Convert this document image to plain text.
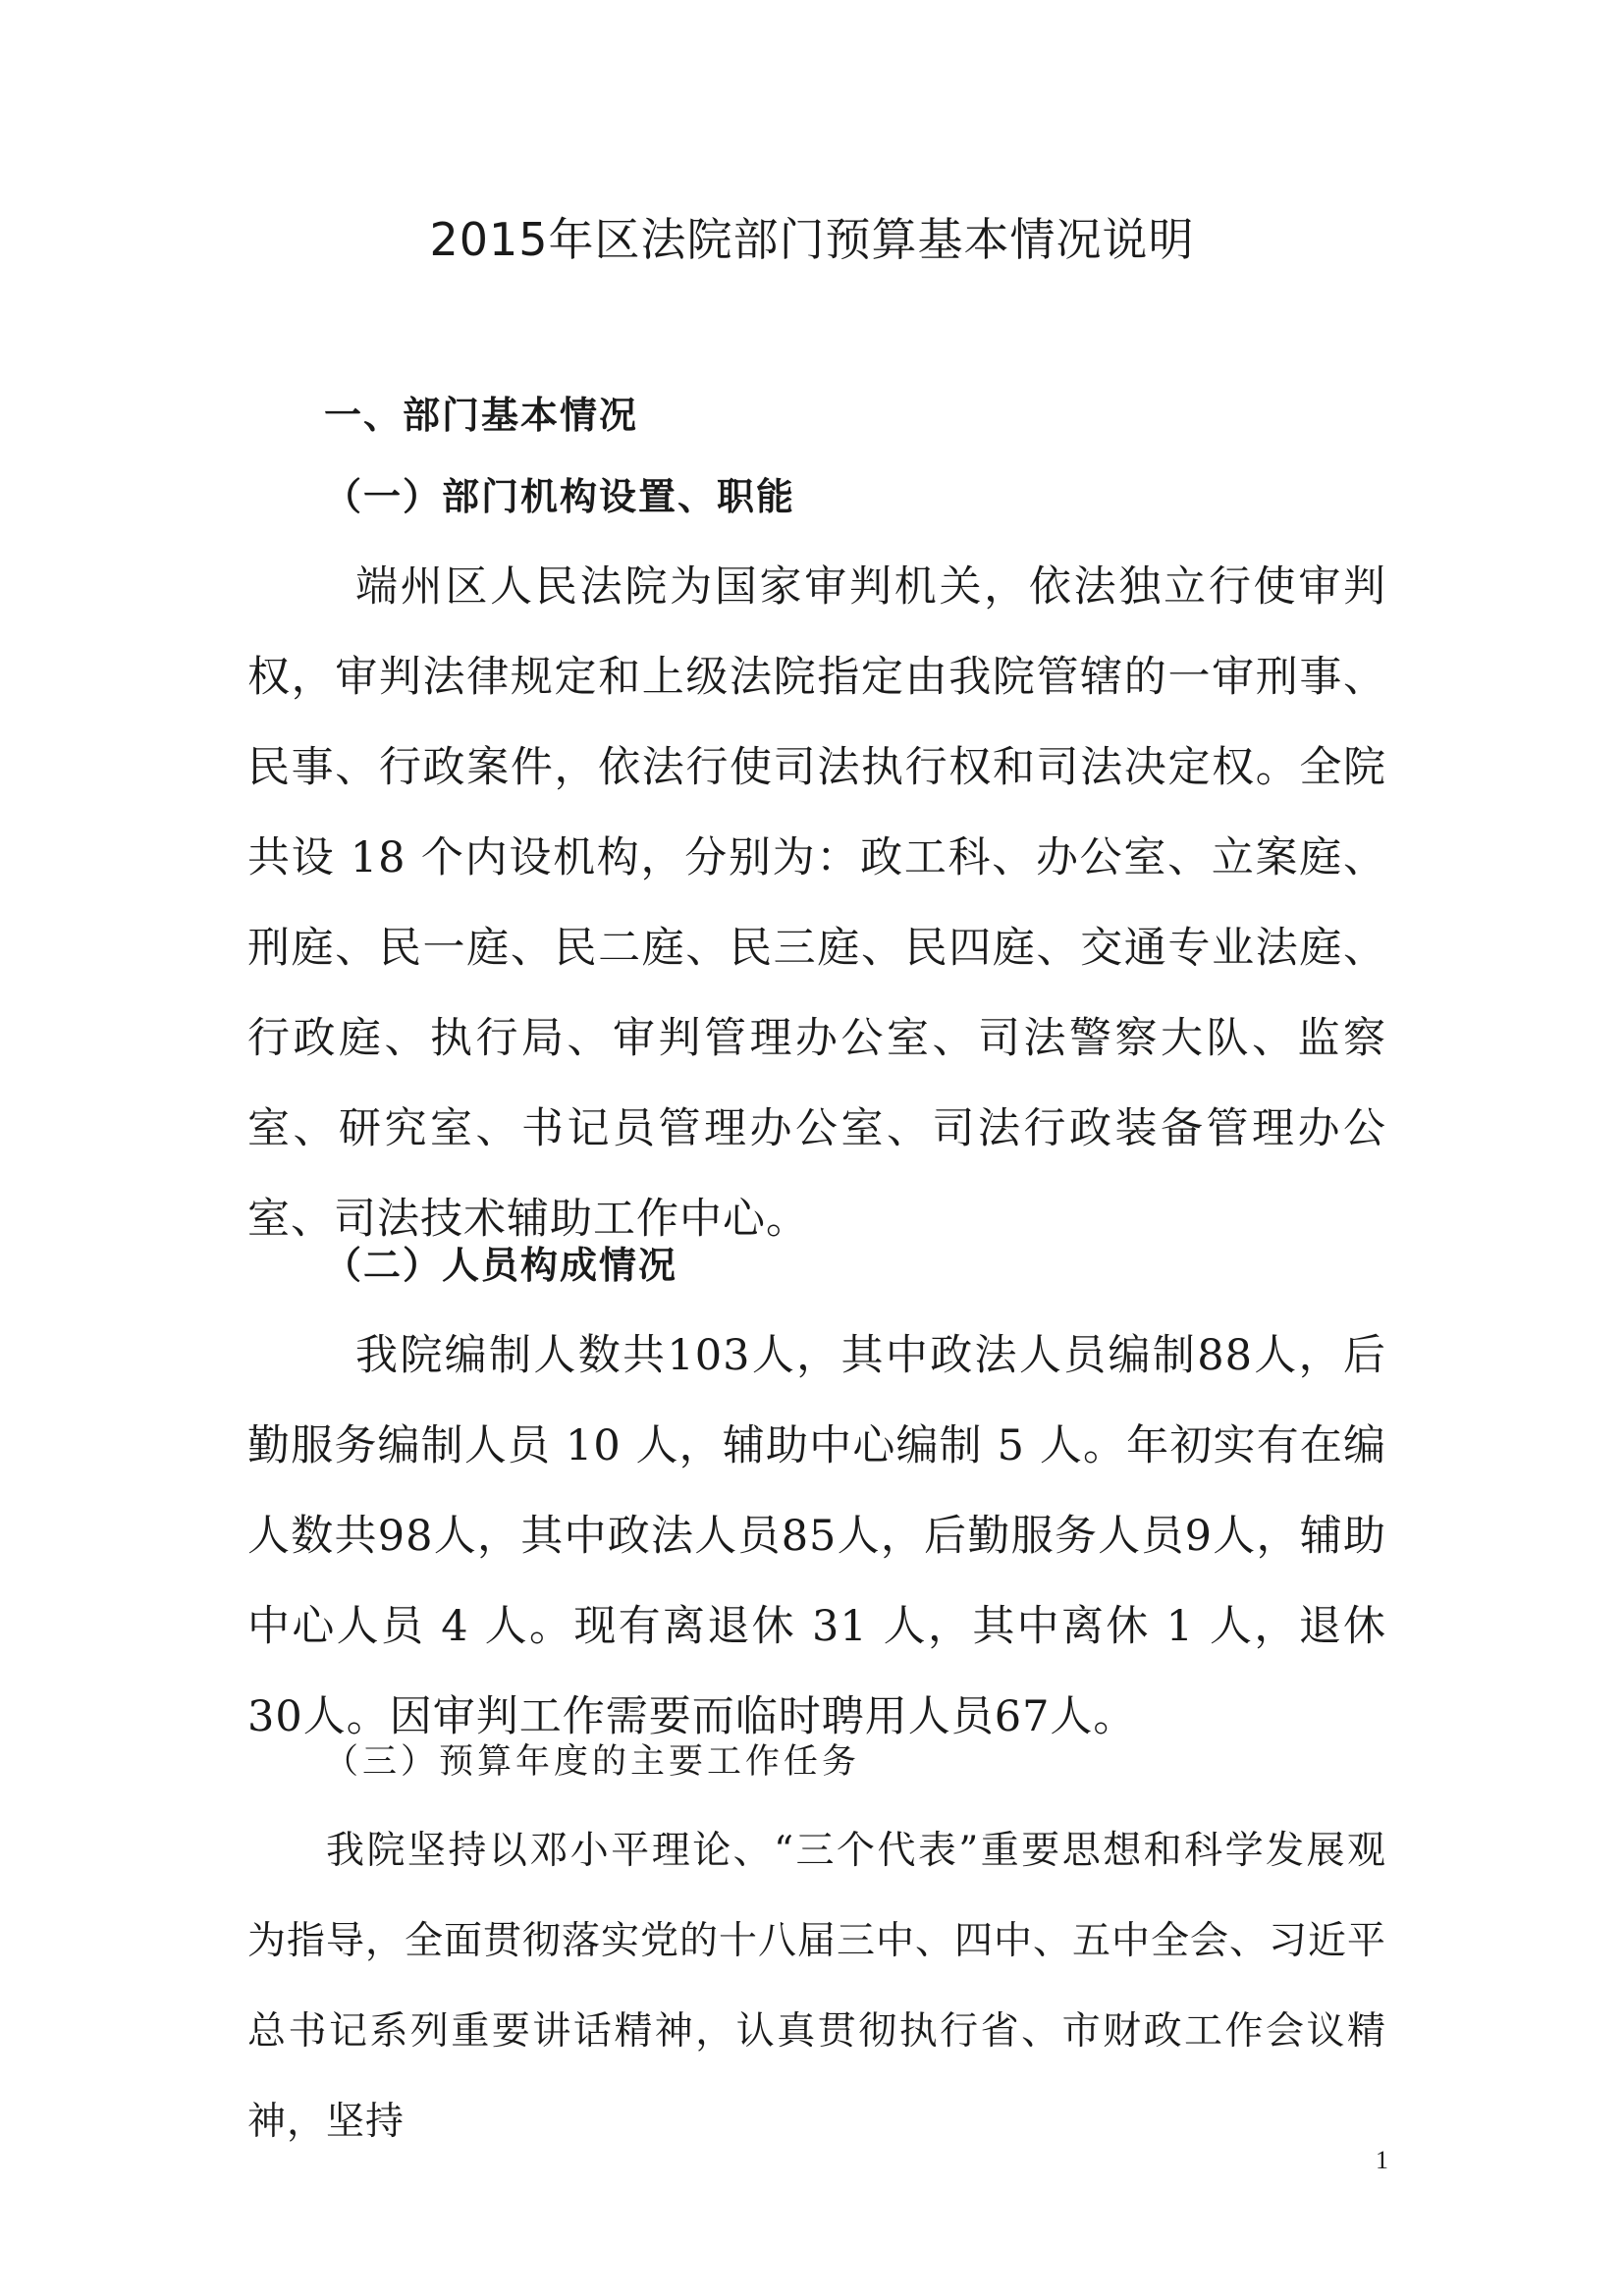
2015年区法院部门预算基本情况说明
一、部门基本情况
（一）部门机构设置、职能

端州区人民法院为国家审判机关，依法独立行使审判权，审判法律规定和上级法院指定由我院管辖的一审刑事、民事、行政案件，依法行使司法执行权和司法决定权。全院共设 18 个内设机构，分别为：政工科、办公室、立案庭、刑庭、民一庭、民二庭、民三庭、民四庭、交通专业法庭、行政庭、执行局、审判管理办公室、司法警察大队、监察室、研究室、书记员管理办公室、司法行政装备管理办公室、司法技术辅助工作中心。

（二）人员构成情况

我院编制人数共103人，其中政法人员编制88人，后勤服务编制人员 10 人，辅助中心编制 5 人。年初实有在编人数共98人，其中政法人员85人，后勤服务人员9人，辅助中心人员 4 人。现有离退休 31 人，其中离休 1 人，退休30人。因审判工作需要而临时聘用人员67人。

（三）预算年度的主要工作任务

我院坚持以邓小平理论、“三个代表”重要思想和科学发展观为指导，全面贯彻落实党的十八届三中、四中、五中全会、习近平总书记系列重要讲话精神，认真贯彻执行省、市财政工作会议精神，坚持

1
